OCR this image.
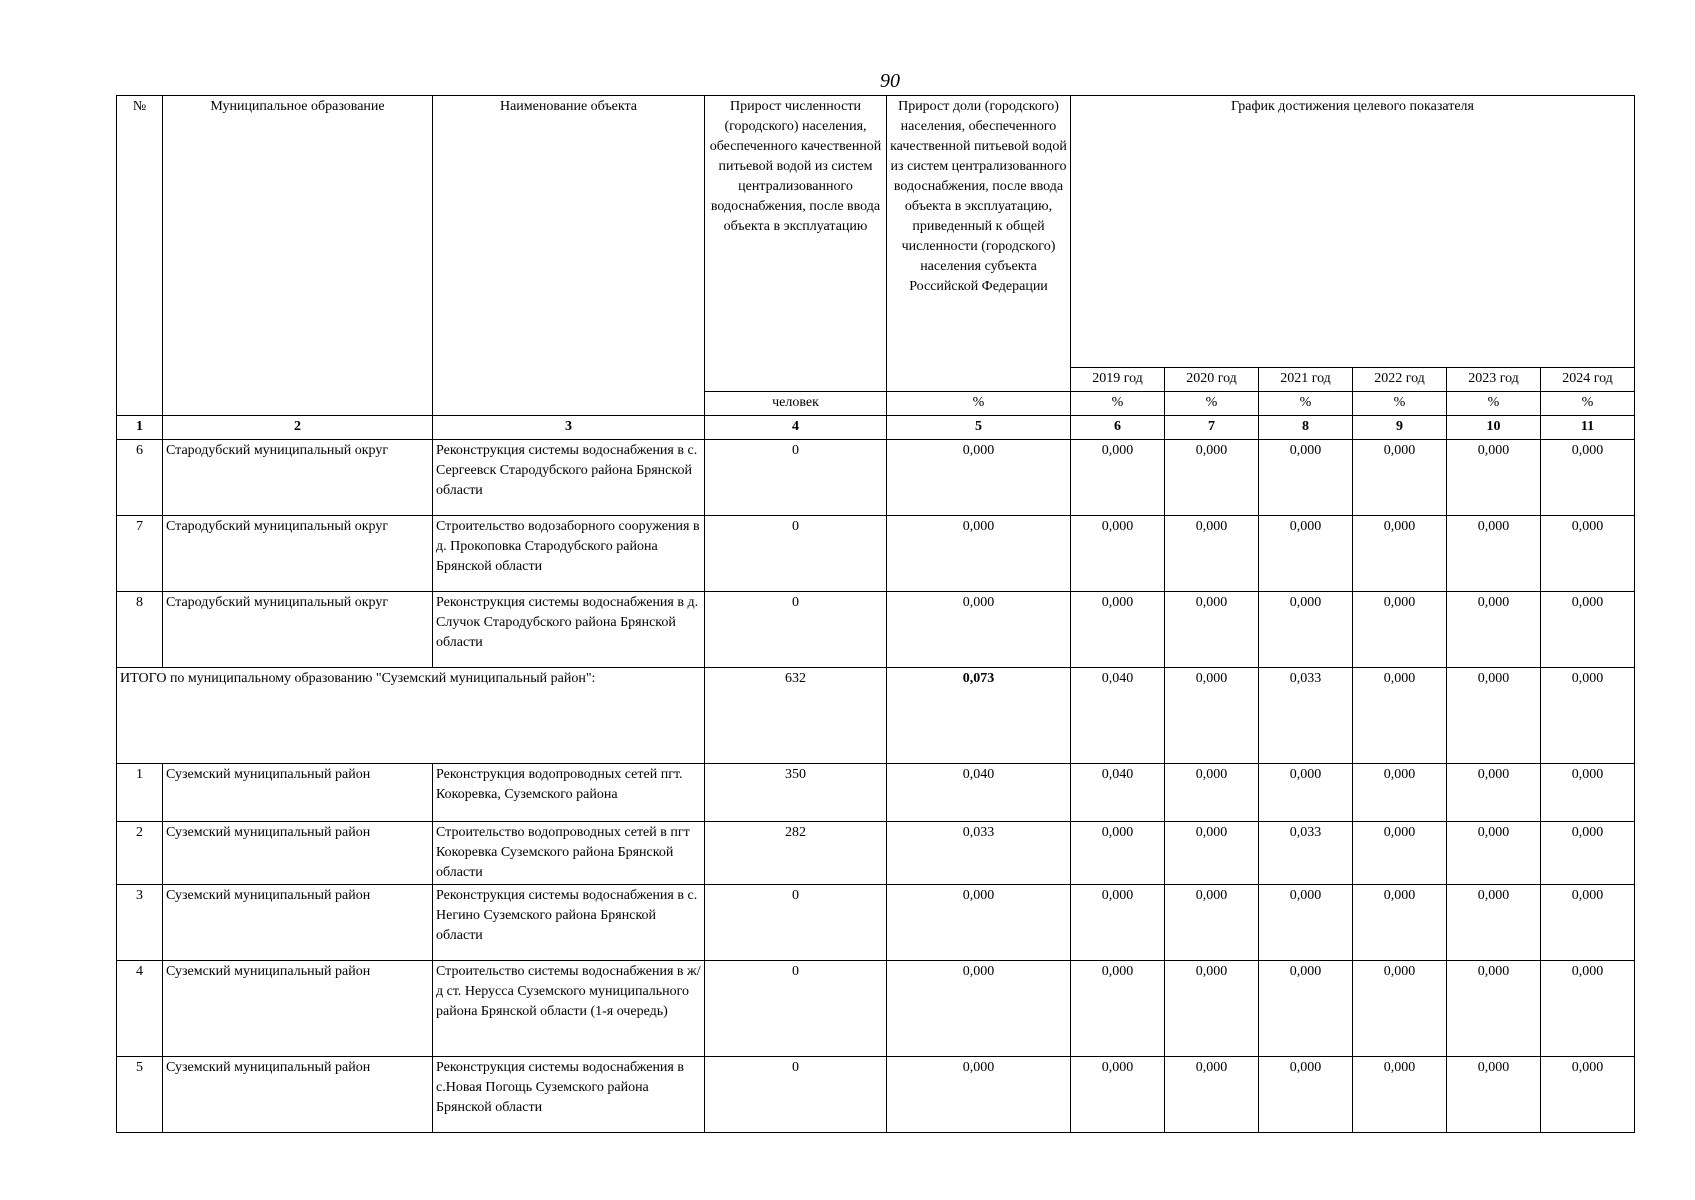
90
№	Муниципальное образование	Наименование объекта	Прирост численности (городского) населения, обеспеченного качественной питьевой водой из систем централизованного водоснабжения, после ввода объекта в эксплуатацию	Прирост доли (городского) населения, обеспеченного качественной питьевой водой из систем централизованного водоснабжения, после ввода объекта в эксплуатацию, приведенный к общей численности (городского) населения субъекта Российской Федерации	График достижения целевого показателя					
					2019 год	2020 год	2021 год	2022 год	2023 год	2024 год
			человек	%	%	%	%	%	%	%
1	2	3	4	5	6	7	8	9	10	11
6	Стародубский муниципальный округ	Реконструкция системы водоснабжения в с. Сергеевск Стародубского района Брянской области	0	0,000	0,000	0,000	0,000	0,000	0,000	0,000
7	Стародубский муниципальный округ	Строительство водозаборного сооружения в д. Прокоповка Стародубского района Брянской области	0	0,000	0,000	0,000	0,000	0,000	0,000	0,000
8	Стародубский муниципальный округ	Реконструкция системы водоснабжения в д. Случок Стародубского района Брянской области	0	0,000	0,000	0,000	0,000	0,000	0,000	0,000
ИТОГО по муниципальному образованию "Суземский муниципальный район":			632	0,073	0,040	0,000	0,033	0,000	0,000	0,000
1	Суземский муниципальный район	Реконструкция водопроводных сетей пгт. Кокоревка, Суземского района	350	0,040	0,040	0,000	0,000	0,000	0,000	0,000
2	Суземский муниципальный район	Строительство водопроводных сетей в пгт Кокоревка Суземского района Брянской области	282	0,033	0,000	0,000	0,033	0,000	0,000	0,000
3	Суземский муниципальный район	Реконструкция системы водоснабжения в с. Негино Суземского района Брянской области	0	0,000	0,000	0,000	0,000	0,000	0,000	0,000
4	Суземский муниципальный район	Строительство системы водоснабжения в ж/д ст. Нерусса Суземского муниципального района Брянской области (1-я очередь)	0	0,000	0,000	0,000	0,000	0,000	0,000	0,000
5	Суземский муниципальный район	Реконструкция системы водоснабжения в с.Новая Погощь Суземского района Брянской области	0	0,000	0,000	0,000	0,000	0,000	0,000	0,000
